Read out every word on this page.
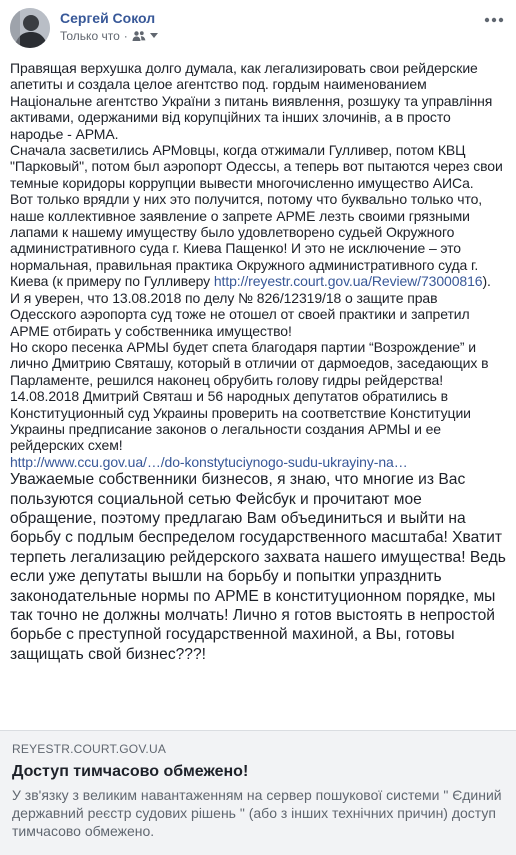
Сергей Сокол
Только что ·

Правящая верхушка долго думала, как легализировать свои рейдерские апетиты и создала целое агентство под. гордым наименованием Національне агентство України з питань виявлення, розшуку та управління активами, одержаними від корупційних та інших злочинів, а в просто народье - АРМА.

Сначала засветились АРМовцы, когда отжимали Гулливер, потом КВЦ "Парковый", потом был аэропорт Одессы, а теперь вот пытаются через свои темные коридоры коррупции вывести многочисленно имущество АИСа.

Вот только врядли у них это получится, потому что буквально только что, наше коллективное заявление о запрете АРМЕ лезть своими грязными лапами к нашему имуществу было удовлетворено судьей Окружного административного суда г. Киева Пащенко! И это не исключение – это нормальная, правильная практика Окружного административного суда г. Киева (к примеру по Гулливеру http://reyestr.court.gov.ua/Review/73000816).

И я уверен, что 13.08.2018 по делу № 826/12319/18 о защите прав Одесского аэропорта суд тоже не отошел от своей практики и запретил АРМЕ отбирать у собственника имущество!

Но скоро песенка АРМЫ будет спета благодаря партии “Возрождение” и лично Дмитрию Святашу, который в отличии от дармоедов, заседающих в Парламенте, решился наконец обрубить голову гидры рейдерства!

14.08.2018 Дмитрий Святаш и 56 народных депутатов обратились в Конституционный суд Украины проверить на соответствие Конституции Украины предписание законов о легальности создания АРМЫ и ее рейдерских схем!

http://www.ccu.gov.ua/…/do-konstytuciynogo-sudu-ukrayiny-na…

Уважаемые собственники бизнесов, я знаю, что многие из Вас пользуются социальной сетью Фейсбук и прочитают мое обращение, поэтому предлагаю Вам объединиться и выйти на борьбу с подлым беспределом государственного масштаба! Хватит терпеть легализацию рейдерского захвата нашего имущества! Ведь если уже депутаты вышли на борьбу и попытки упразднить законодательные нормы по АРМЕ в конституционном порядке, мы так точно не должны молчать! Лично я готов выстоять в непростой борьбе с преступной государственной махиной, а Вы, готовы защищать свой бизнес???!

REYESTR.COURT.GOV.UA
Доступ тимчасово обмежено!
У зв'язку з великим навантаженням на сервер пошукової системи " Єдиний державний реєстр судових рішень " (або з інших технічних причин) доступ тимчасово обмежено.
